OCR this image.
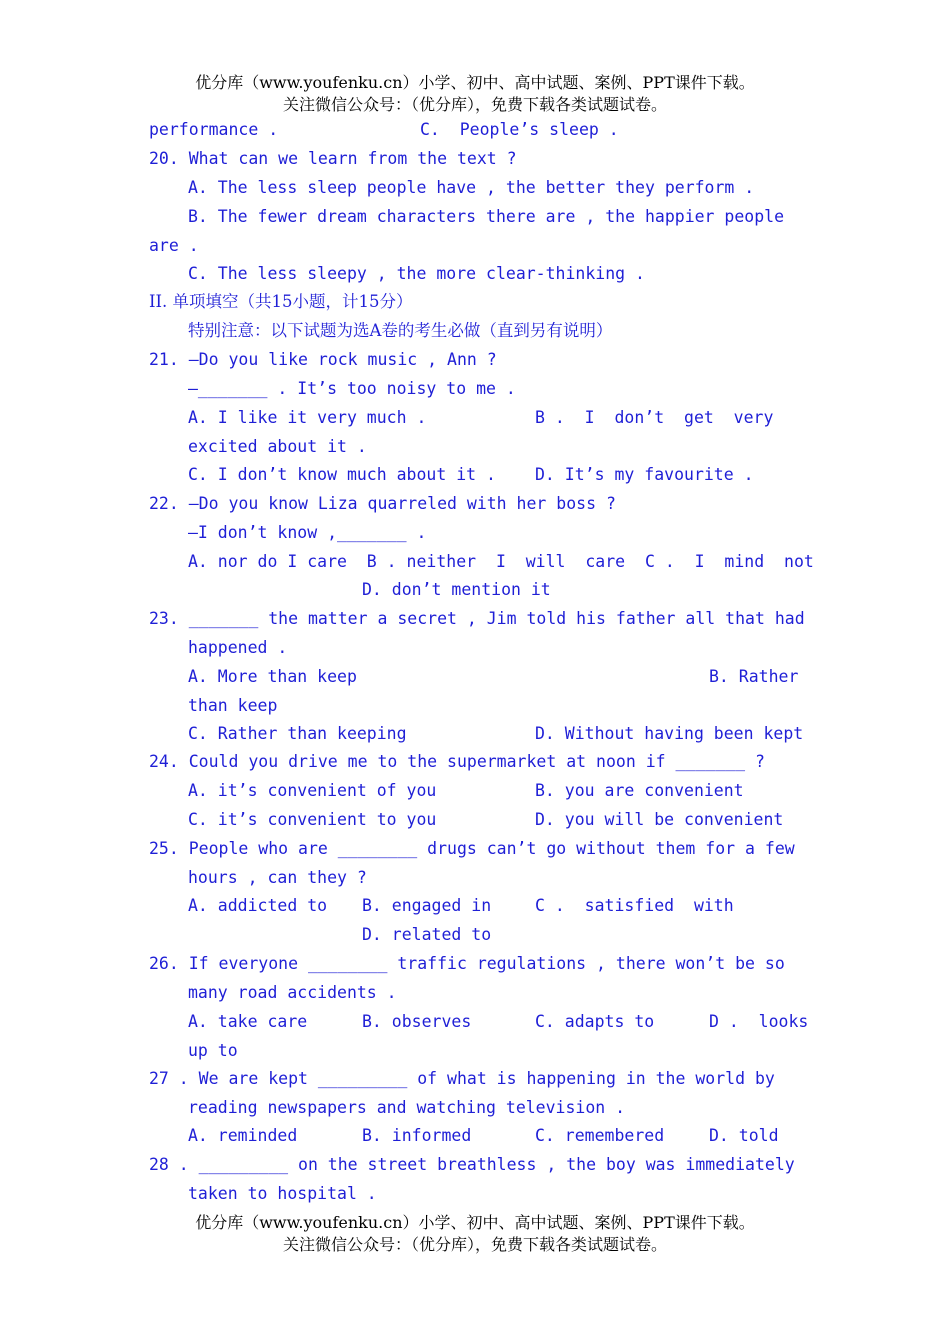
优分库（www.youfenku.cn）小学、初中、高中试题、案例、PPT课件下载。
关注微信公众号：（优分库），免费下载各类试题试卷。
performance .	C.  People’s sleep .
20. What can we learn from the text ?
A. The less sleep people have , the better they perform .
B. The fewer dream characters there are , the happier people
are .
C. The less sleepy , the more clear-thinking .
II. 单项填空（共15小题，计15分）
特别注意：以下试题为选A卷的考生必做（直到另有说明）
21. —Do you like rock music , Ann ?
—_______ . It’s too noisy to me .
A. I like it very much .	B .  I  don’t  get  very
excited about it .
C. I don’t know much about it . D. It’s my favourite .
22. —Do you know Liza quarreled with her boss ?
—I don’t know ,_______ .
A. nor do I care  B . neither  I  will  care  C .  I  mind  not
D. don’t mention it
23. _______ the matter a secret , Jim told his father all that had
happened .
A. More than keep	B. Rather
than keep
C. Rather than keeping	D. Without having been kept
24. Could you drive me to the supermarket at noon if _______ ?
A. it’s convenient of you	B. you are convenient
C. it’s convenient to you	D. you will be convenient
25. People who are ________ drugs can’t go without them for a few
hours , can they ?
A. addicted to B. engaged in	C .  satisfied  with
D. related to
26. If everyone ________ traffic regulations , there won’t be so
many road accidents .
A. take care	B. observes	C. adapts to	D .  looks
up to
27 . We are kept _________ of what is happening in the world by
reading newspapers and watching television .
A. reminded	B. informed	C. remembered	D. told
28 . _________ on the street breathless , the boy was immediately
taken to hospital .
优分库（www.youfenku.cn）小学、初中、高中试题、案例、PPT课件下载。
关注微信公众号：（优分库），免费下载各类试题试卷。
